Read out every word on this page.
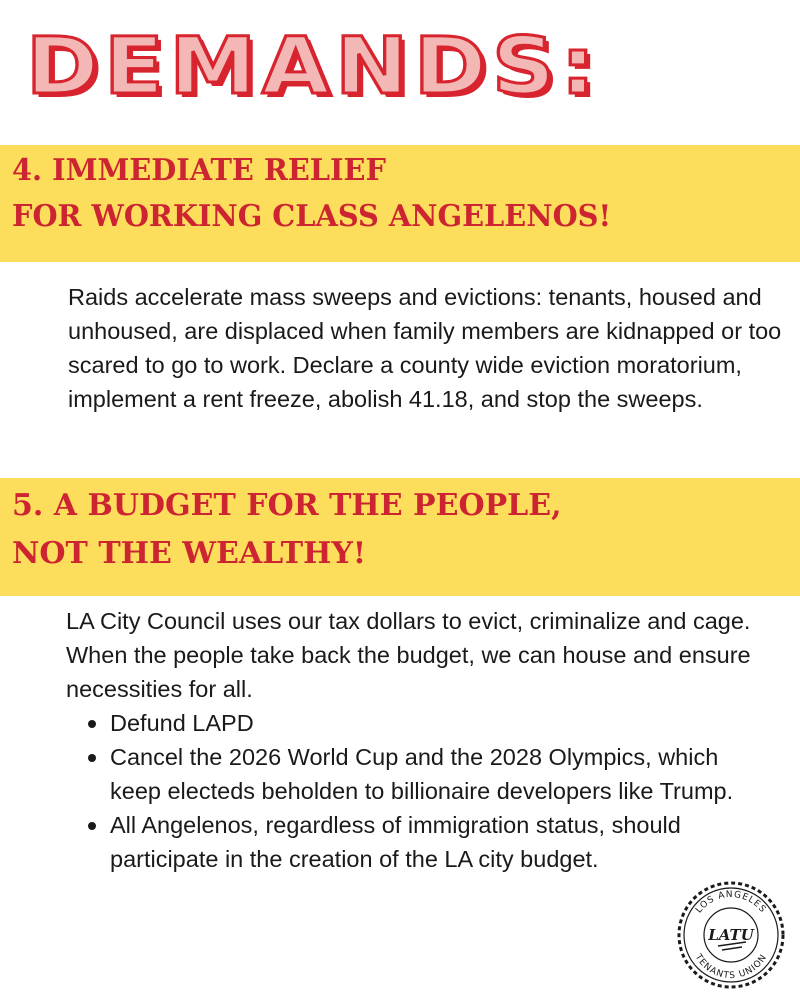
DEMANDS:
4. IMMEDIATE RELIEF
FOR WORKING CLASS ANGELENOS!

Raids accelerate mass sweeps and evictions: tenants, housed and unhoused, are displaced when family members are kidnapped or too scared to go to work. Declare a county wide eviction moratorium, implement a rent freeze, abolish 41.18, and stop the sweeps.

5. A BUDGET FOR THE PEOPLE,
NOT THE WEALTHY!

LA City Council uses our tax dollars to evict, criminalize and cage. When the people take back the budget, we can house and ensure necessities for all.

Defund LAPD
Cancel the 2026 World Cup and the 2028 Olympics, which keep electeds beholden to billionaire developers like Trump.
All Angelenos, regardless of immigration status, should participate in the creation of the LA city budget.
LOS ANGELES
TENANTS UNION
LATU
